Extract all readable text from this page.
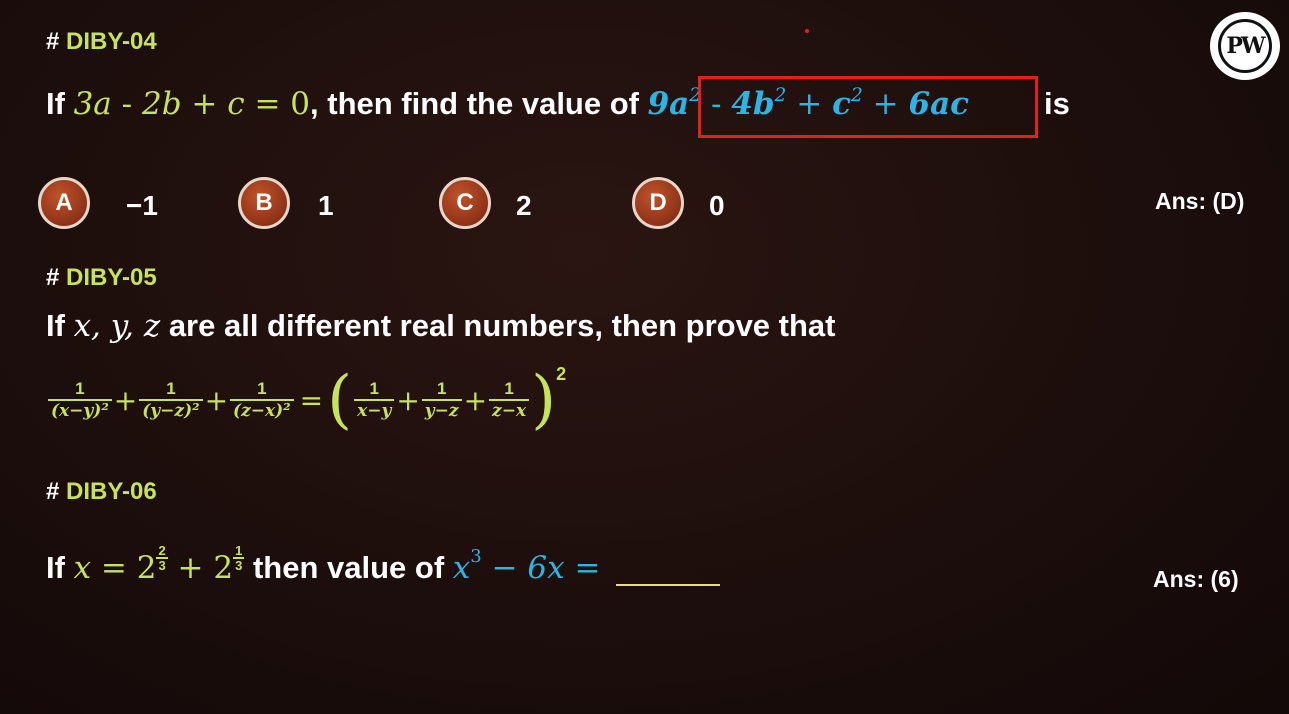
PW
# DIBY-04
If 3a - 2b + c = 0, then find the value of $9a^2 - 4b^2 + c^2 + 6ac$ is
A	−1	B	1	C	2	D	0	Ans: (D)
# DIBY-05
If x, y, z are all different real numbers, then prove that
$\frac{1}{\text{(x−y)²}} + \frac{1}{\text{(y−z)²}} + \frac{1}{\text{(z−x)²}}$ = ( $\frac{1}{x-y} + \frac{1}{y-z} + \frac{1}{z-x}$ ) 2
# DIBY-06
If $x = 2 \frac{2}{3} + 2 \frac{1}{3}$ then value of x 3 − 6x =	Ans: (6)
